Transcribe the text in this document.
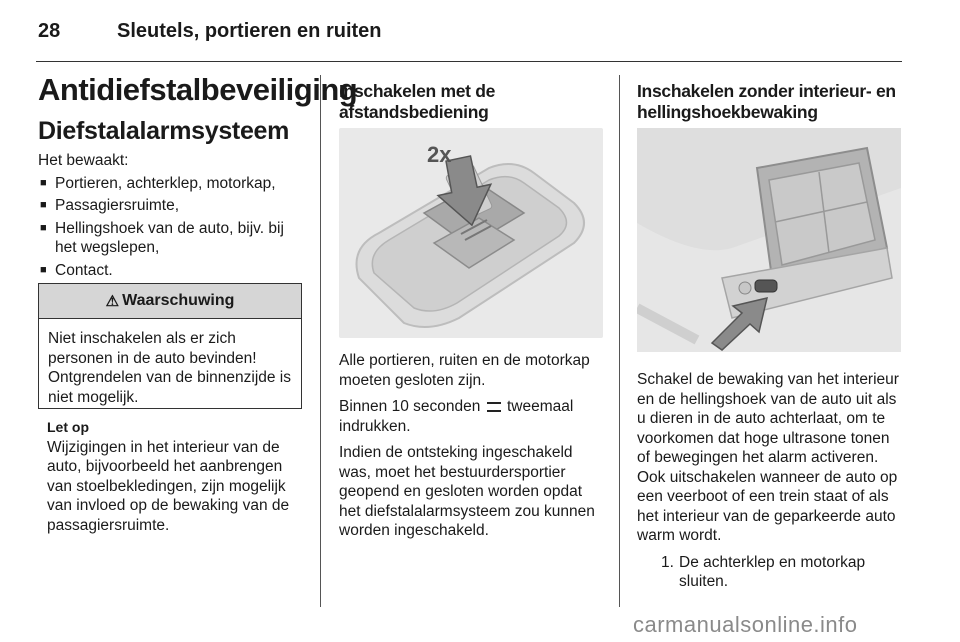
28	Sleutels, portieren en ruiten
Antidiefstalbeveiliging
Diefstalalarmsysteem
Het bewaakt:
■ Portieren, achterklep, motorkap,
■ Passagiersruimte,
■ Hellingshoek van de auto, bijv. bij het wegslepen,
■ Contact.
⚠ Waarschuwing
Niet inschakelen als er zich personen in de auto bevinden! Ontgrendelen van de binnenzijde is niet mogelijk.
Let op
Wijzigingen in het interieur van de auto, bijvoorbeeld het aanbrengen van stoelbekledingen, zijn mogelijk van invloed op de bewaking van de passagiersruimte.
Inschakelen met de afstandsbediening
2x

Alle portieren, ruiten en de motorkap moeten gesloten zijn.

Binnen 10 seconden tweemaal indrukken.

Indien de ontsteking ingeschakeld was, moet het bestuurdersportier geopend en gesloten worden opdat het diefstalalarmsysteem zou kunnen worden ingeschakeld.

Inschakelen zonder interieur- en hellingshoekbewaking

Schakel de bewaking van het interieur en de hellingshoek van de auto uit als u dieren in de auto achterlaat, om te voorkomen dat hoge ultrasone tonen of bewegingen het alarm activeren. Ook uitschakelen wanneer de auto op een veerboot of een trein staat of als het interieur van de geparkeerde auto warm wordt.

1. De achterklep en motorkap sluiten.
carmanualsonline.info
